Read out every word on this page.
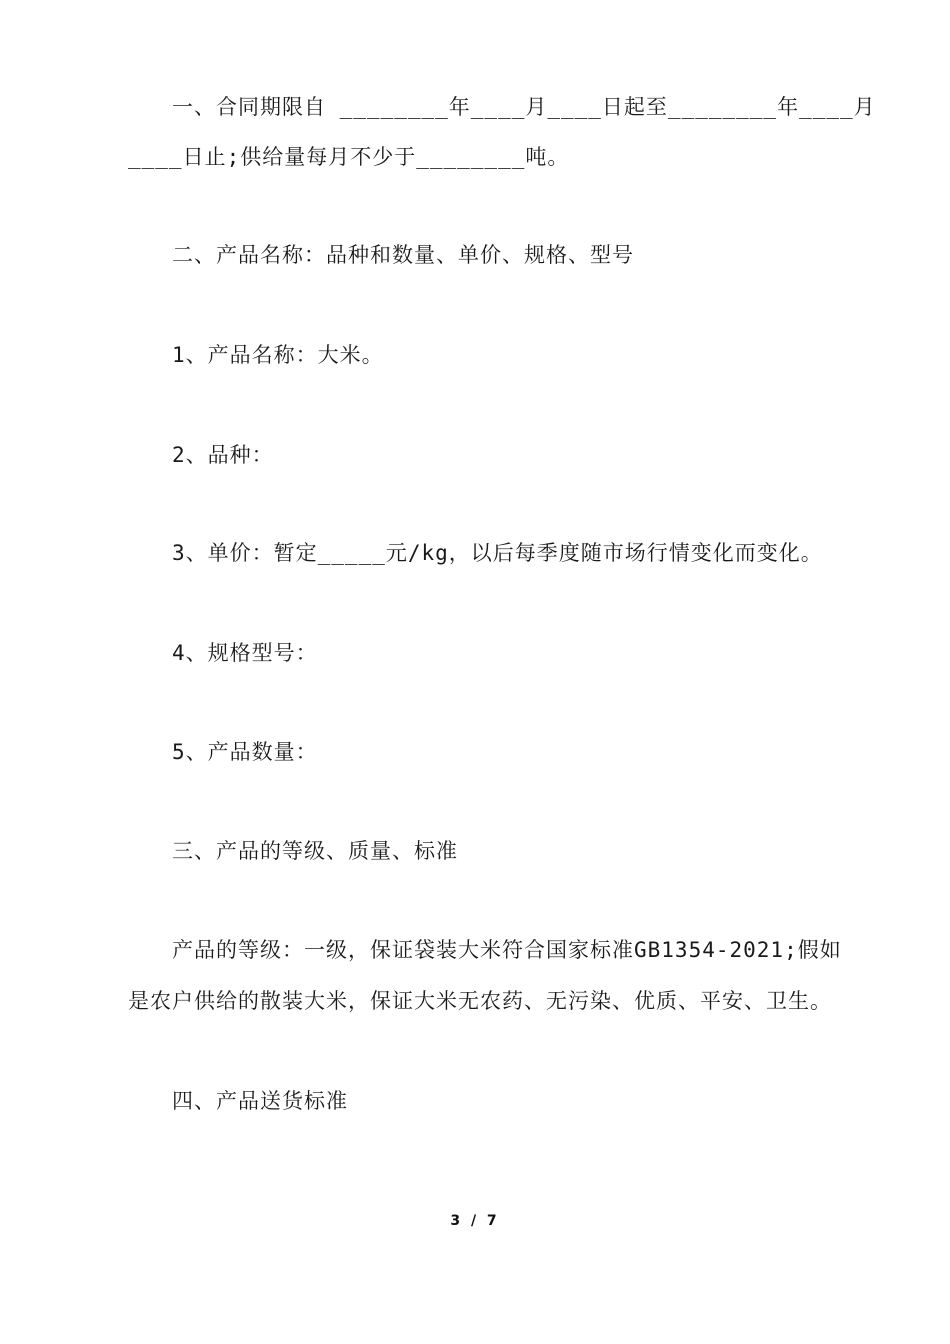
一、合同期限自 ________年____月____日起至________年____月
____日止;供给量每月不少于________吨。
二、产品名称：品种和数量、单价、规格、型号
1、产品名称：大米。
2、品种：
3、单价：暂定_____元/kg，以后每季度随市场行情变化而变化。
4、规格型号：
5、产品数量：
三、产品的等级、质量、标准
产品的等级：一级，保证袋装大米符合国家标准GB1354-2021;假如
是农户供给的散装大米，保证大米无农药、无污染、优质、平安、卫生。
四、产品送货标准
3 / 7
